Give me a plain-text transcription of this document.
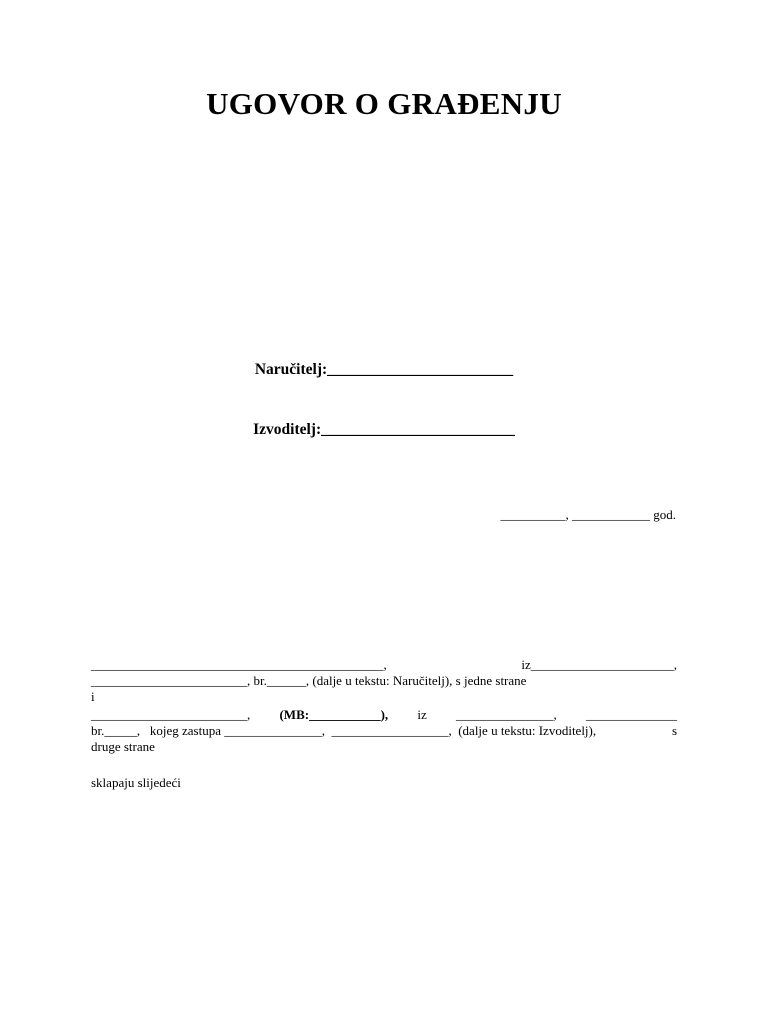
UGOVOR O GRAĐENJU
Naručitelj:________________________
Izvoditelj:_________________________
__________, ____________ god.
_____________________________________________,	iz______________________,
________________________, br.______, (dalje u tekstu: Naručitelj), s jedne strane
i
________________________, (MB:___________), iz _______________, ______________
br._____,   kojeg zastupa _______________,  __________________,  (dalje u tekstu: Izvoditelj),	s
druge strane
sklapaju slijedeći
